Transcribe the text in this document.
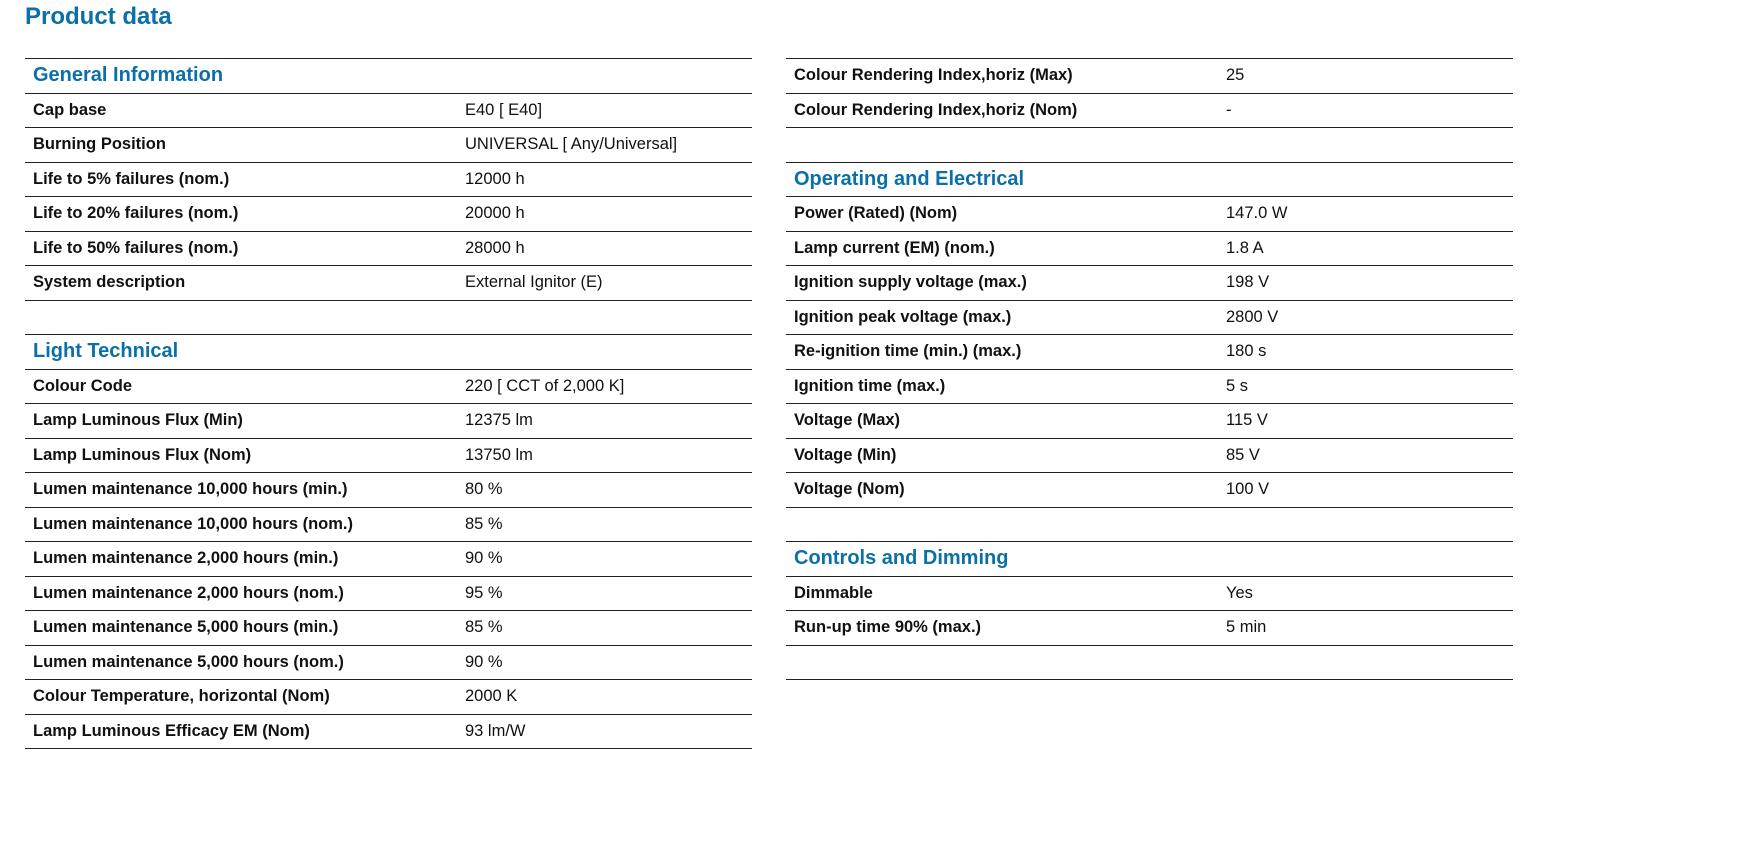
Product data
General Information
Cap base	E40 [ E40]
Burning Position	UNIVERSAL [ Any/Universal]
Life to 5% failures (nom.)	12000 h
Life to 20% failures (nom.)	20000 h
Life to 50% failures (nom.)	28000 h
System description	External Ignitor (E)
Light Technical
Colour Code	220 [ CCT of 2,000 K]
Lamp Luminous Flux (Min)	12375 lm
Lamp Luminous Flux (Nom)	13750 lm
Lumen maintenance 10,000 hours (min.)	80 %
Lumen maintenance 10,000 hours (nom.)	85 %
Lumen maintenance 2,000 hours (min.)	90 %
Lumen maintenance 2,000 hours (nom.)	95 %
Lumen maintenance 5,000 hours (min.)	85 %
Lumen maintenance 5,000 hours (nom.)	90 %
Colour Temperature, horizontal (Nom)	2000 K
Lamp Luminous Efficacy EM (Nom)	93 lm/W
Colour Rendering Index,horiz (Max)	25
Colour Rendering Index,horiz (Nom)	-
Operating and Electrical
Power (Rated) (Nom)	147.0 W
Lamp current (EM) (nom.)	1.8 A
Ignition supply voltage (max.)	198 V
Ignition peak voltage (max.)	2800 V
Re-ignition time (min.) (max.)	180 s
Ignition time (max.)	5 s
Voltage (Max)	115 V
Voltage (Min)	85 V
Voltage (Nom)	100 V
Controls and Dimming
Dimmable	Yes
Run-up time 90% (max.)	5 min
